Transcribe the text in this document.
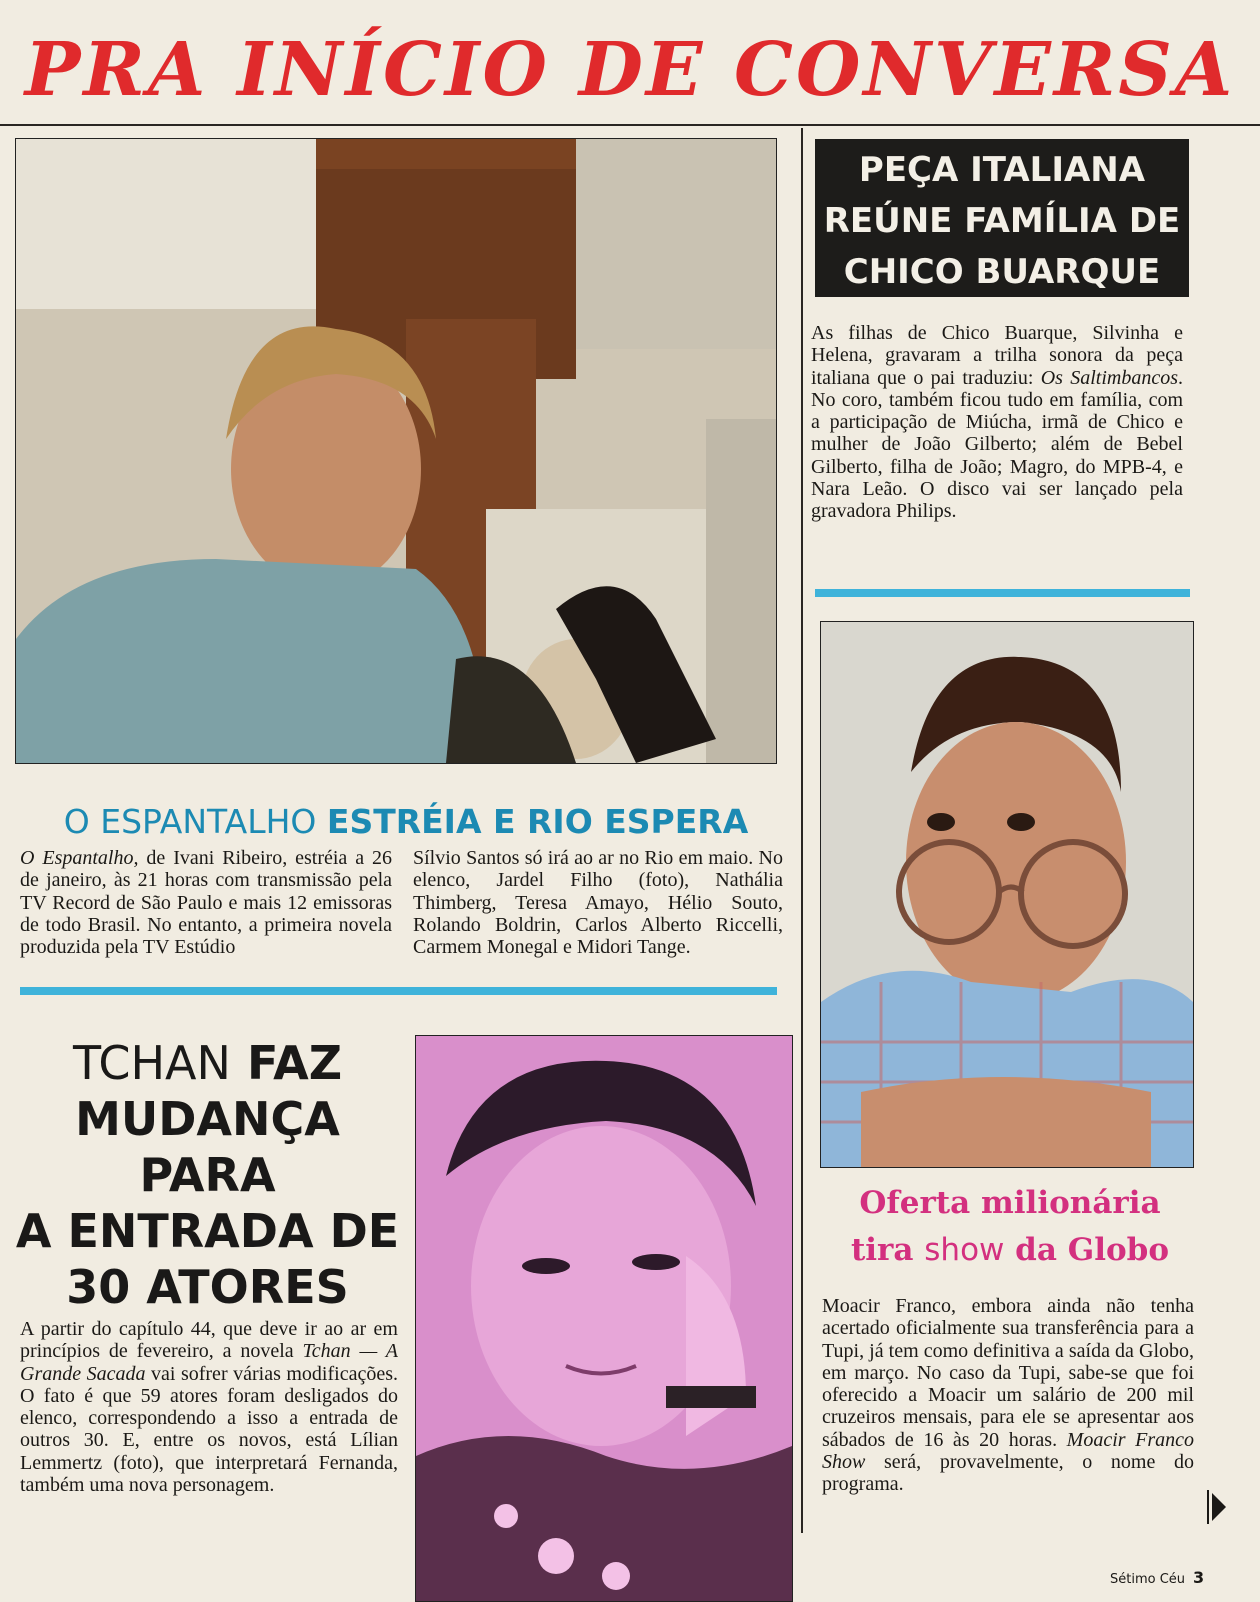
PRA INÍCIO DE CONVERSA
O ESPANTALHO ESTRÉIA E RIO ESPERA
O Espantalho, de Ivani Ribeiro, estréia a 26 de janeiro, às 21 horas com transmissão pela TV Record de São Paulo e mais 12 emissoras de todo Brasil. No entanto, a primeira novela produzida pela TV Estúdio
Sílvio Santos só irá ao ar no Rio em maio. No elenco, Jardel Filho (foto), Nathália Thimberg, Teresa Amayo, Hélio Souto, Rolando Boldrin, Carlos Alberto Riccelli, Carmem Monegal e Midori Tange.
PEÇA ITALIANA
REÚNE FAMÍLIA DE
CHICO BUARQUE
As filhas de Chico Buarque, Silvinha e Helena, gravaram a trilha sonora da peça italiana que o pai traduziu: Os Saltimbancos. No coro, também ficou tudo em família, com a participação de Miúcha, irmã de Chico e mulher de João Gilberto; além de Bebel Gilberto, filha de João; Magro, do MPB-4, e Nara Leão. O disco vai ser lançado pela gravadora Philips.
Oferta milionária
tira show da Globo
Moacir Franco, embora ainda não tenha acertado oficialmente sua transferência para a Tupi, já tem como definitiva a saída da Globo, em março. No caso da Tupi, sabe-se que foi oferecido a Moacir um salário de 200 mil cruzeiros mensais, para ele se apresentar aos sábados de 16 às 20 horas. Moacir Franco Show será, provavelmente, o nome do programa.
TCHAN FAZ
MUDANÇA PARA
A ENTRADA DE
30 ATORES
A partir do capítulo 44, que deve ir ao ar em princípios de fevereiro, a novela Tchan — A Grande Sacada vai sofrer várias modificações. O fato é que 59 atores foram desligados do elenco, correspondendo a isso a entrada de outros 30. E, entre os novos, está Lílian Lemmertz (foto), que interpretará Fernanda, também uma nova personagem.
Sétimo Céu 3
